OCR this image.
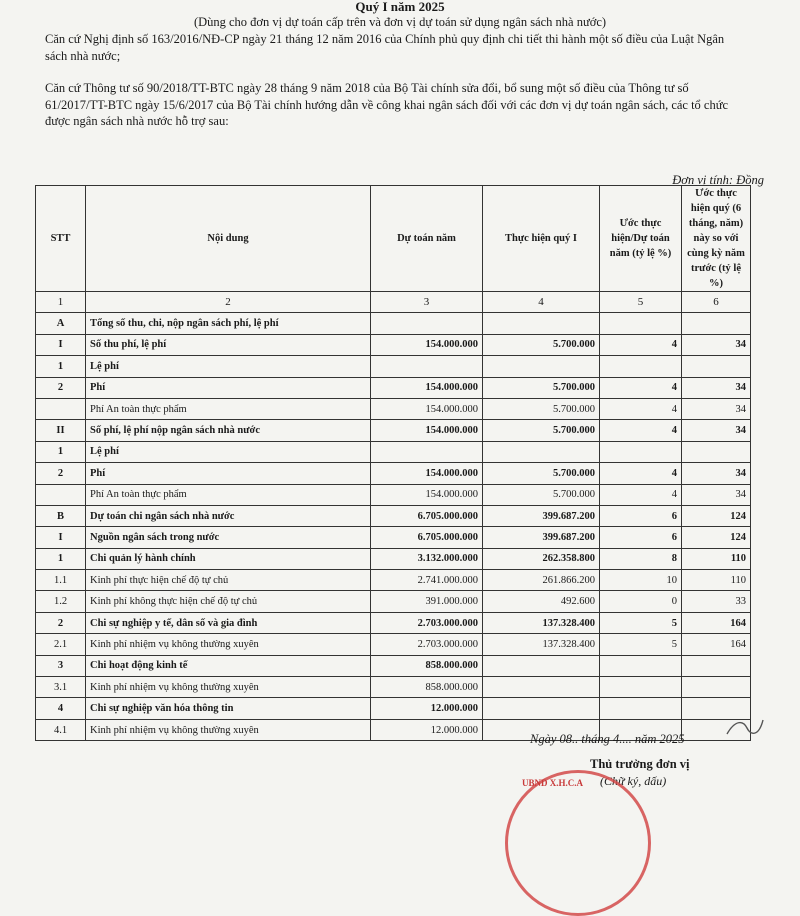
Quý I năm 2025
(Dùng cho đơn vị dự toán cấp trên và đơn vị dự toán sử dụng ngân sách nhà nước)

Căn cứ Nghị định số 163/2016/NĐ-CP ngày 21 tháng 12 năm 2016 của Chính phủ quy định chi tiết thi hành một số điều của Luật Ngân sách nhà nước;

Căn cứ Thông tư số 90/2018/TT-BTC ngày 28 tháng 9 năm 2018 của Bộ Tài chính sửa đổi, bổ sung một số điều của Thông tư số 61/2017/TT-BTC ngày 15/6/2017 của Bộ Tài chính hướng dẫn về công khai ngân sách đối với các đơn vị dự toán ngân sách, các tổ chức được ngân sách nhà nước hỗ trợ sau:

Đơn vị tính: Đồng
STT	Nội dung	Dự toán năm	Thực hiện quý I	Ước thực hiện/Dự toán năm (tỷ lệ %)	Ước thực hiện quý (6 tháng, năm) này so với cùng kỳ năm trước (tỷ lệ %)
1	2	3	4	5	6
A	Tổng số thu, chi, nộp ngân sách phí, lệ phí				
I	Số thu phí, lệ phí	154.000.000	5.700.000	4	34
1	Lệ phí				
2	Phí	154.000.000	5.700.000	4	34
	Phí An toàn thực phẩm	154.000.000	5.700.000	4	34
II	Số phí, lệ phí nộp ngân sách nhà nước	154.000.000	5.700.000	4	34
1	Lệ phí				
2	Phí	154.000.000	5.700.000	4	34
	Phí An toàn thực phẩm	154.000.000	5.700.000	4	34
B	Dự toán chi ngân sách nhà nước	6.705.000.000	399.687.200	6	124
I	Nguồn ngân sách trong nước	6.705.000.000	399.687.200	6	124
1	Chi quản lý hành chính	3.132.000.000	262.358.800	8	110
1.1	Kinh phí thực hiện chế độ tự chủ	2.741.000.000	261.866.200	10	110
1.2	Kinh phí không thực hiện chế độ tự chủ	391.000.000	492.600	0	33
2	Chi sự nghiệp y tế, dân số và gia đình	2.703.000.000	137.328.400	5	164
2.1	Kinh phí nhiệm vụ không thường xuyên	2.703.000.000	137.328.400	5	164
3	Chi hoạt động kinh tế	858.000.000			
3.1	Kinh phí nhiệm vụ không thường xuyên	858.000.000			
4	Chi sự nghiệp văn hóa thông tin	12.000.000			
4.1	Kinh phí nhiệm vụ không thường xuyên	12.000.000			
Ngày 08.. tháng 4.... năm 2025
Thủ trưởng đơn vị
(Chữ ký, dấu)
UBND X.H.C.A
